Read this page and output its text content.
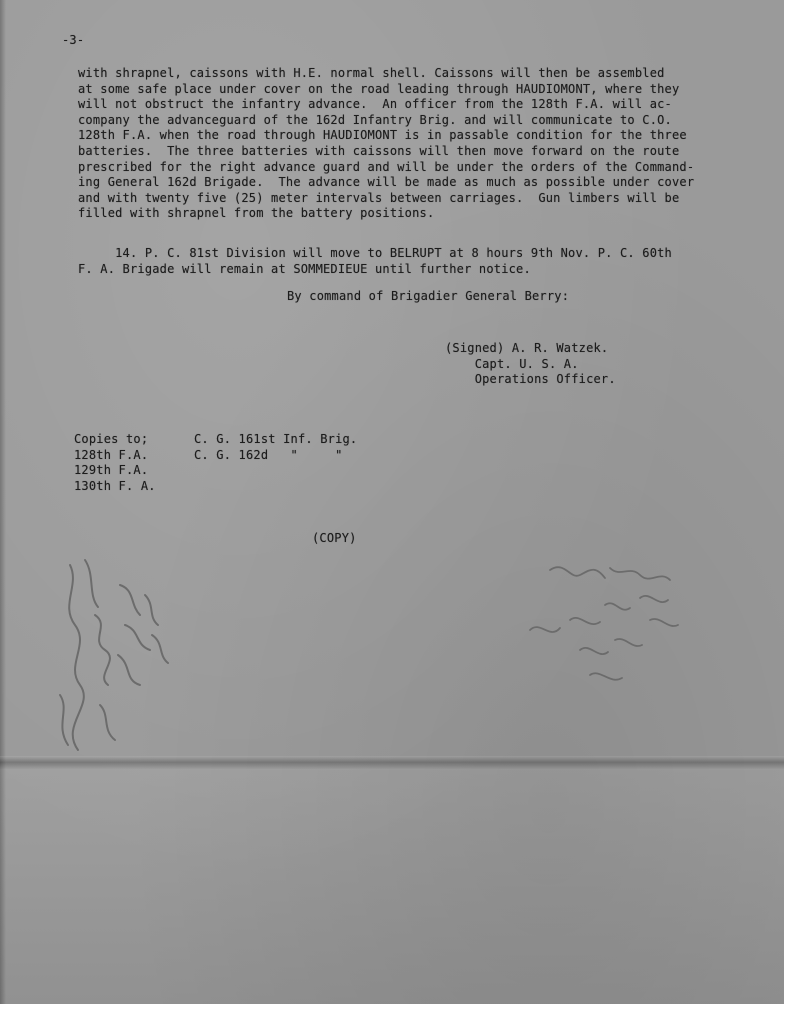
-3-
with shrapnel, caissons with H.E. normal shell. Caissons will then be assembled
at some safe place under cover on the road leading through HAUDIOMONT, where they
will not obstruct the infantry advance.  An officer from the 128th F.A. will ac-
company the advanceguard of the 162d Infantry Brig. and will communicate to C.O.
128th F.A. when the road through HAUDIOMONT is in passable condition for the three
batteries.  The three batteries with caissons will then move forward on the route
prescribed for the right advance guard and will be under the orders of the Command-
ing General 162d Brigade.  The advance will be made as much as possible under cover
and with twenty five (25) meter intervals between carriages.  Gun limbers will be
filled with shrapnel from the battery positions.
14. P. C. 81st Division will move to BELRUPT at 8 hours 9th Nov. P. C. 60th
F. A. Brigade will remain at SOMMEDIEUE until further notice.
By command of Brigadier General Berry:
(Signed) A. R. Watzek.
Capt. U. S. A.
Operations Officer.
Copies to;
128th F.A.
129th F.A.
130th F. A.
C. G. 161st Inf. Brig.
C. G. 162d   "     "
(COPY)
